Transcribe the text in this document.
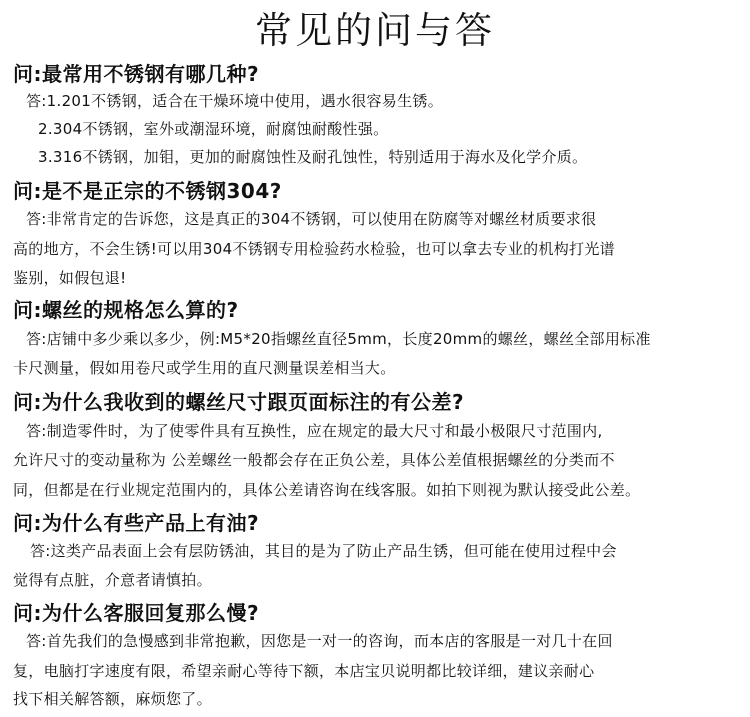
常见的问与答
问:最常用不锈钢有哪几种?
答:1.201不锈钢，适合在干燥环境中使用，遇水很容易生锈。
2.304不锈钢，室外或潮湿环境，耐腐蚀耐酸性强。
3.316不锈钢，加钼，更加的耐腐蚀性及耐孔蚀性，特别适用于海水及化学介质。
问:是不是正宗的不锈钢304?
答:非常肯定的告诉您，这是真正的304不锈钢，可以使用在防腐等对螺丝材质要求很
高的地方，不会生锈!可以用304不锈钢专用检验药水检验，也可以拿去专业的机构打光谱
鉴别，如假包退!
问:螺丝的规格怎么算的?
答:店铺中多少乘以多少，例:M5*20指螺丝直径5mm，长度20mm的螺丝，螺丝全部用标准
卡尺测量，假如用卷尺或学生用的直尺测量误差相当大。
问:为什么我收到的螺丝尺寸跟页面标注的有公差?
答:制造零件时，为了使零件具有互换性，应在规定的最大尺寸和最小极限尺寸范围内,
允许尺寸的变动量称为 公差螺丝一般都会存在正负公差，具体公差值根据螺丝的分类而不
同，但都是在行业规定范围内的，具体公差请咨询在线客服。如拍下则视为默认接受此公差。
问:为什么有些产品上有油?
答:这类产品表面上会有层防锈油，其目的是为了防止产品生锈，但可能在使用过程中会
觉得有点脏，介意者请慎拍。
问:为什么客服回复那么慢?
答:首先我们的急慢感到非常抱歉，因您是一对一的咨询，而本店的客服是一对几十在回
复，电脑打字速度有限，希望亲耐心等待下额，本店宝贝说明都比较详细，建议亲耐心
找下相关解答额，麻烦您了。
